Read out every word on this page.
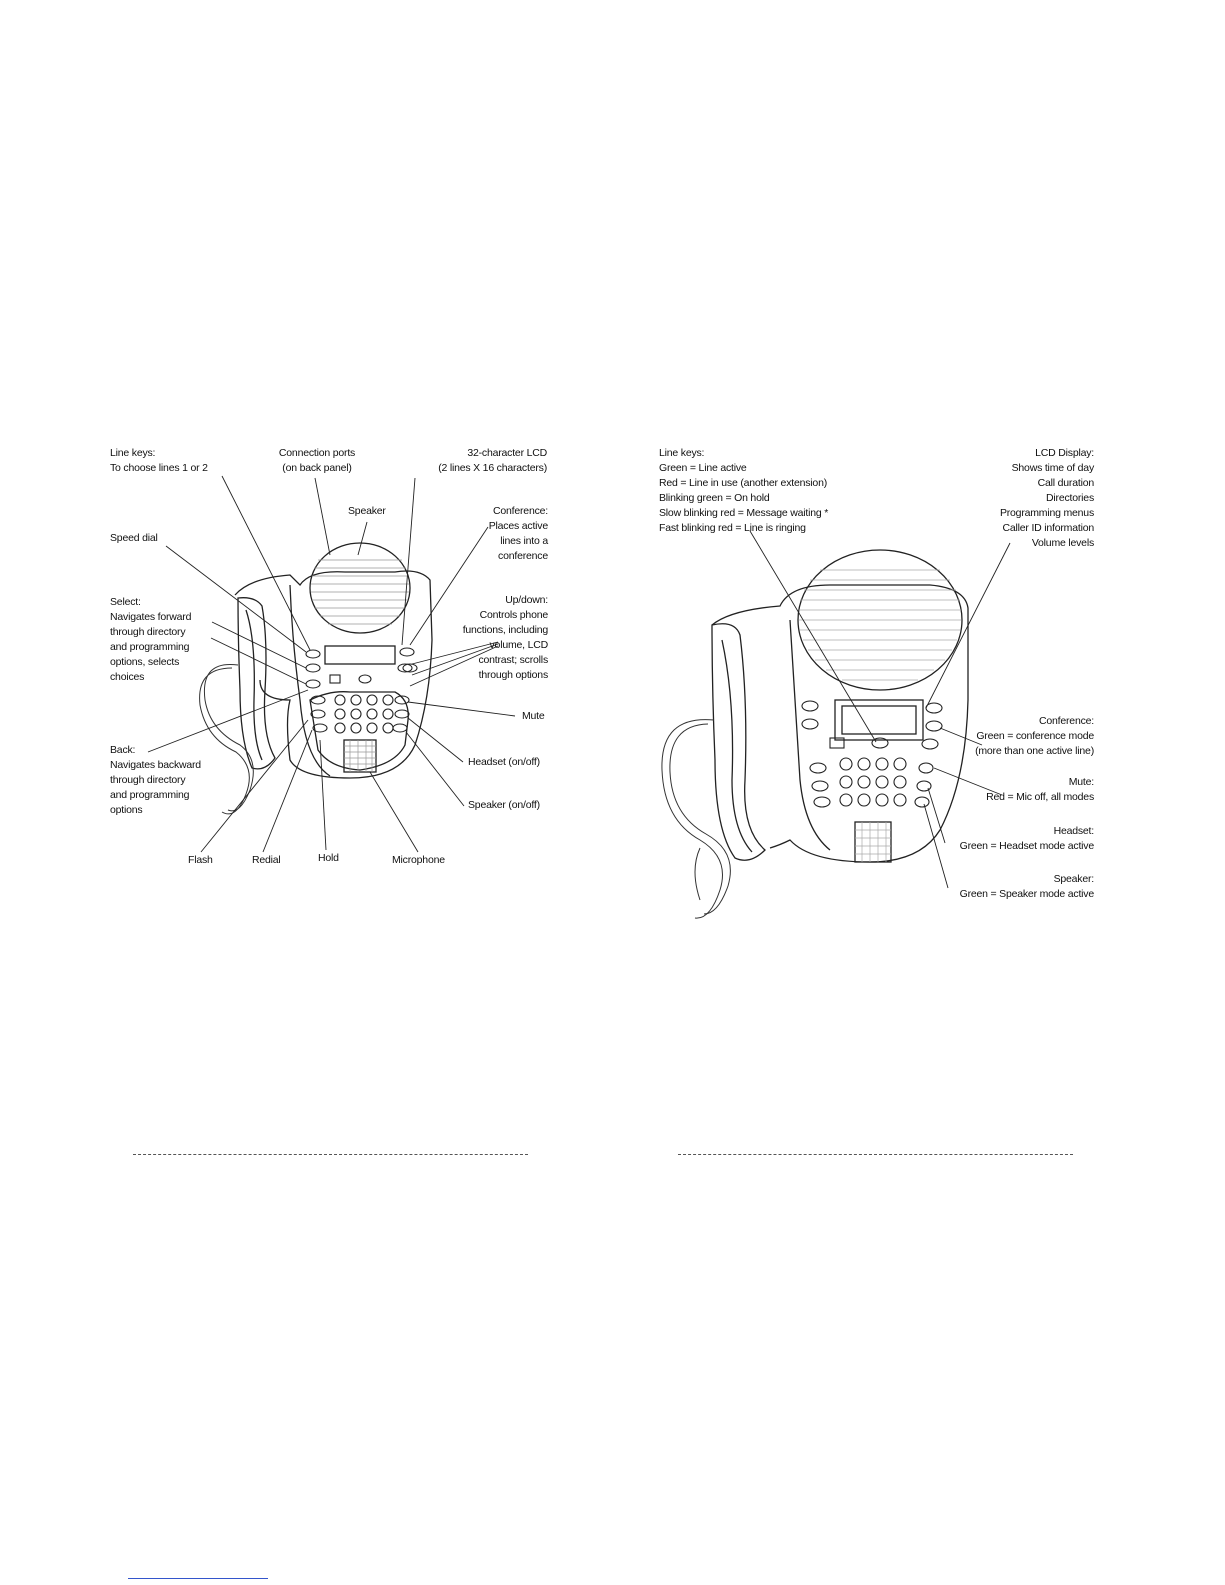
Line keys:
To choose lines 1 or 2
Connection ports
(on back panel)
32-character LCD
(2 lines X 16 characters)
Speaker	Conference:
Places active
lines into a
conference
Speed dial
Select:
Navigates forward
through directory
and programming
options, selects
choices
Up/down:
Controls phone
functions, including
volume, LCD
contrast; scrolls
through options
Mute
Back:
Navigates backward
through directory
and programming
options
Headset (on/off)
Speaker (on/off)
Flash	Redial	Hold	Microphone
Line keys:
Green = Line active
Red = Line in use (another extension)
Blinking green = On hold
Slow blinking red = Message waiting *
Fast blinking red = Line is ringing
LCD Display:
Shows time of day
Call duration
Directories
Programming menus
Caller ID information
Volume levels
Conference:
Green = conference mode
(more than one active line)
Mute:
Red = Mic off, all modes
Headset:
Green = Headset mode active
Speaker:
Green = Speaker mode active
